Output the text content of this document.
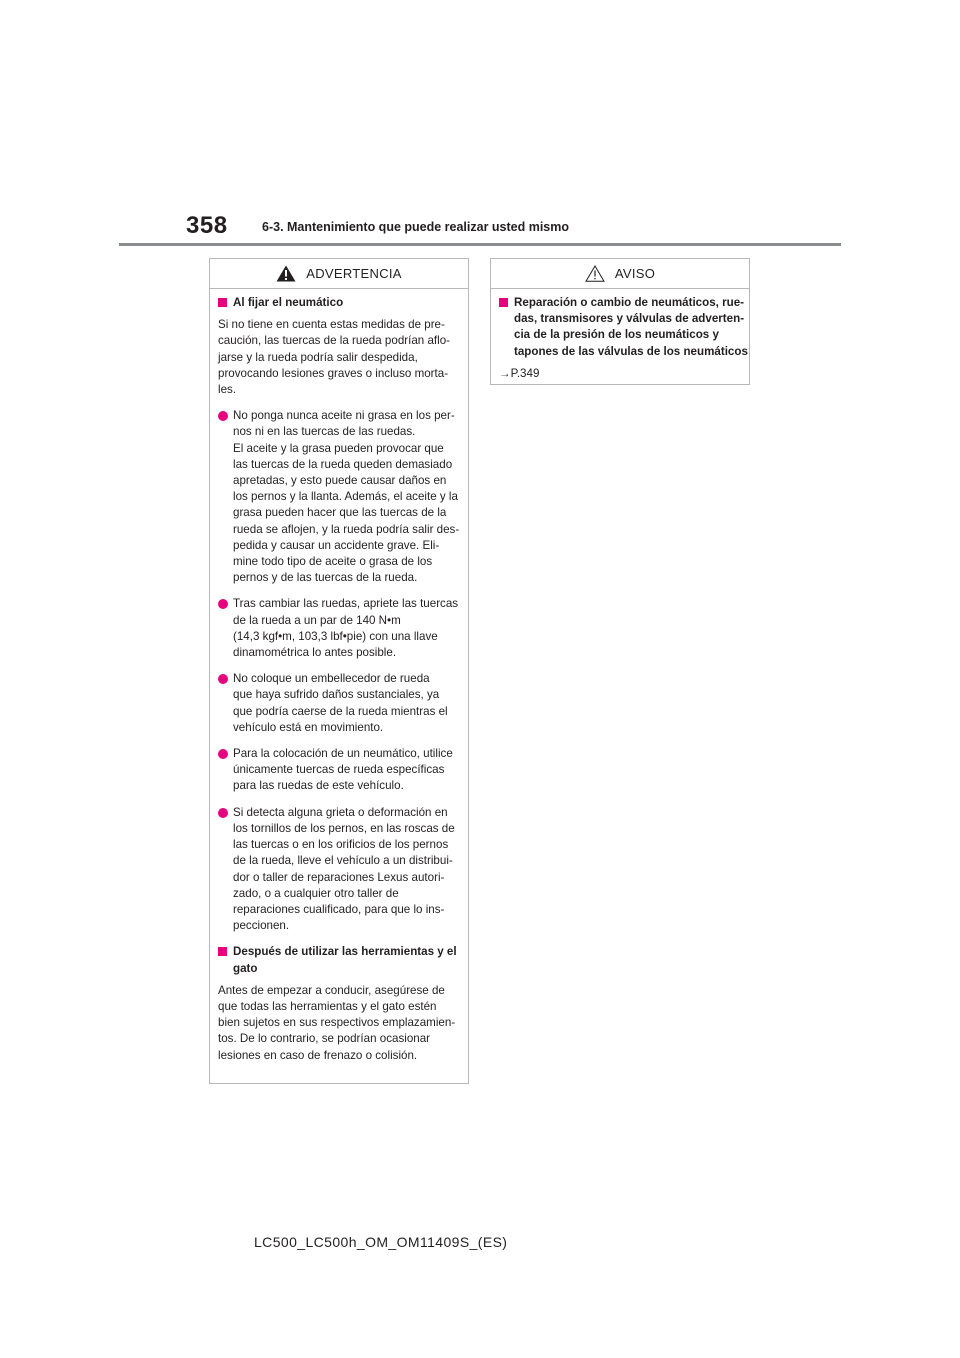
358	6-3. Mantenimiento que puede realizar usted mismo
ADVERTENCIA
Al fijar el neumático
Si no tiene en cuenta estas medidas de pre-
caución, las tuercas de la rueda podrían aflo-
jarse y la rueda podría salir despedida,
provocando lesiones graves o incluso morta-
les.
No ponga nunca aceite ni grasa en los per-
nos ni en las tuercas de las ruedas.
El aceite y la grasa pueden provocar que
las tuercas de la rueda queden demasiado
apretadas, y esto puede causar daños en
los pernos y la llanta. Además, el aceite y la
grasa pueden hacer que las tuercas de la
rueda se aflojen, y la rueda podría salir des-
pedida y causar un accidente grave. Eli-
mine todo tipo de aceite o grasa de los
pernos y de las tuercas de la rueda.
Tras cambiar las ruedas, apriete las tuercas
de la rueda a un par de 140 N•m
(14,3 kgf•m, 103,3 lbf•pie) con una llave
dinamométrica lo antes posible.
No coloque un embellecedor de rueda
que haya sufrido daños sustanciales, ya
que podría caerse de la rueda mientras el
vehículo está en movimiento.
Para la colocación de un neumático, utilice
únicamente tuercas de rueda específicas
para las ruedas de este vehículo.
Si detecta alguna grieta o deformación en
los tornillos de los pernos, en las roscas de
las tuercas o en los orificios de los pernos
de la rueda, lleve el vehículo a un distribui-
dor o taller de reparaciones Lexus autori-
zado, o a cualquier otro taller de
reparaciones cualificado, para que lo ins-
peccionen.
Después de utilizar las herramientas y el
gato
Antes de empezar a conducir, asegúrese de
que todas las herramientas y el gato estén
bien sujetos en sus respectivos emplazamien-
tos. De lo contrario, se podrían ocasionar
lesiones en caso de frenazo o colisión.
AVISO
Reparación o cambio de neumáticos, rue-
das, transmisores y válvulas de adverten-
cia de la presión de los neumáticos y
tapones de las válvulas de los neumáticos
→P.349
LC500_LC500h_OM_OM11409S_(ES)
